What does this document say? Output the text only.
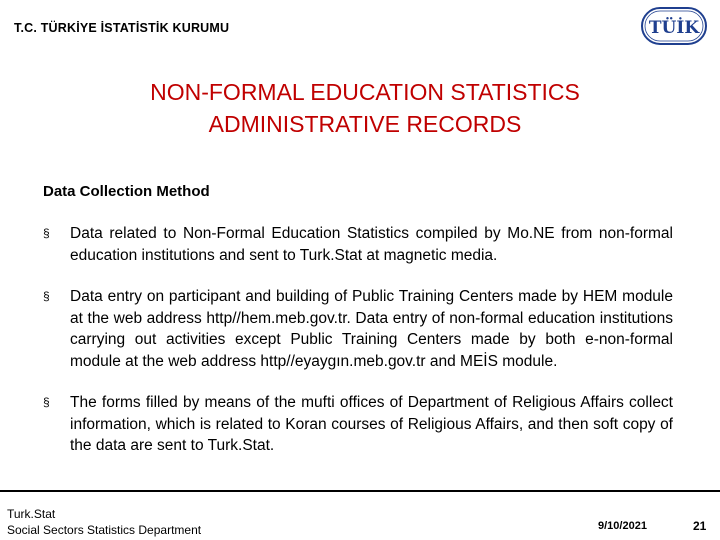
T.C. TÜRKİYE İSTATİSTİK KURUMU	TÜİK
NON-FORMAL EDUCATION STATISTICS
ADMINISTRATIVE RECORDS
Data Collection Method
§ Data related to Non-Formal Education Statistics compiled by Mo.NE from non-formal education institutions and sent to Turk.Stat at magnetic media.
§ Data entry on participant and building of Public Training Centers made by HEM module at the web address http//hem.meb.gov.tr. Data entry of non-formal education institutions carrying out activities except Public Training Centers made by both e-non-formal module at the web address http//eyaygın.meb.gov.tr and MEİS module.
§ The forms filled by means of the mufti offices of Department of Religious Affairs collect information, which is related to Koran courses of Religious Affairs, and then soft copy of the data are sent to Turk.Stat.
Turk.Stat
Social Sectors Statistics Department	9/10/2021	21
